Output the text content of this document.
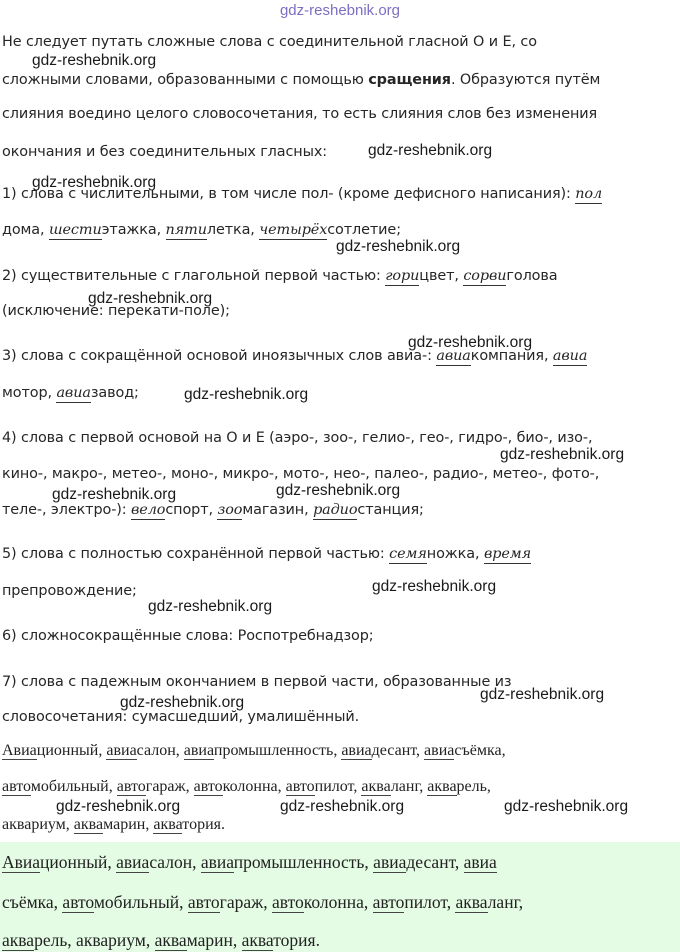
gdz-reshebnik.org
Не следует путать сложные слова с соединительной гласной О и Е, со
сложными словами, образованными с помощью сращения. Образуются путём
слияния воедино целого словосочетания, то есть слияния слов без изменения
окончания и без соединительных гласных:
1) слова с числительными, в том числе пол- (кроме дефисного написания): пол
дома, шестиэтажка, пятилетка, четырёхсотлетие;
2) существительные с глагольной первой частью: горицвет, сорвиголова
(исключение: перекати-поле);
3) слова с сокращённой основой иноязычных слов авиа-: авиакомпания, авиа
мотор, авиазавод;
4) слова с первой основой на О и Е (аэро-, зоо-, гелио-, гео-, гидро-, био-, изо-,
кино-, макро-, метео-, моно-, микро-, мото-, нео-, палео-, радио-, метео-, фото-,
теле-, электро-): велоспорт, зоомагазин, радиостанция;
5) слова с полностью сохранённой первой частью: семяножка, время
препровождение;
6) сложносокращённые слова: Роспотребнадзор;
7) слова с падежным окончанием в первой части, образованные из
словосочетания: сумасшедший, умалишённый.
Авиационный, авиасалон, авиапромышленность, авиадесант, авиасъёмка,
автомобильный, автогараж, автоколонна, автопилот, акваланг, акварель,
аквариум, аквамарин, акватория.
Авиационный, авиасалон, авиапромышленность, авиадесант, авиа
съёмка, автомобильный, автогараж, автоколонна, автопилот, акваланг,
акварель, аквариум, аквамарин, акватория.
gdz-reshebnik.org
gdz-reshebnik.org
gdz-reshebnik.org
gdz-reshebnik.org
gdz-reshebnik.org
gdz-reshebnik.org
gdz-reshebnik.org
gdz-reshebnik.org
gdz-reshebnik.org	gdz-reshebnik.org
gdz-reshebnik.org
gdz-reshebnik.org
gdz-reshebnik.org
gdz-reshebnik.org
gdz-reshebnik.org	gdz-reshebnik.org	gdz-reshebnik.org
